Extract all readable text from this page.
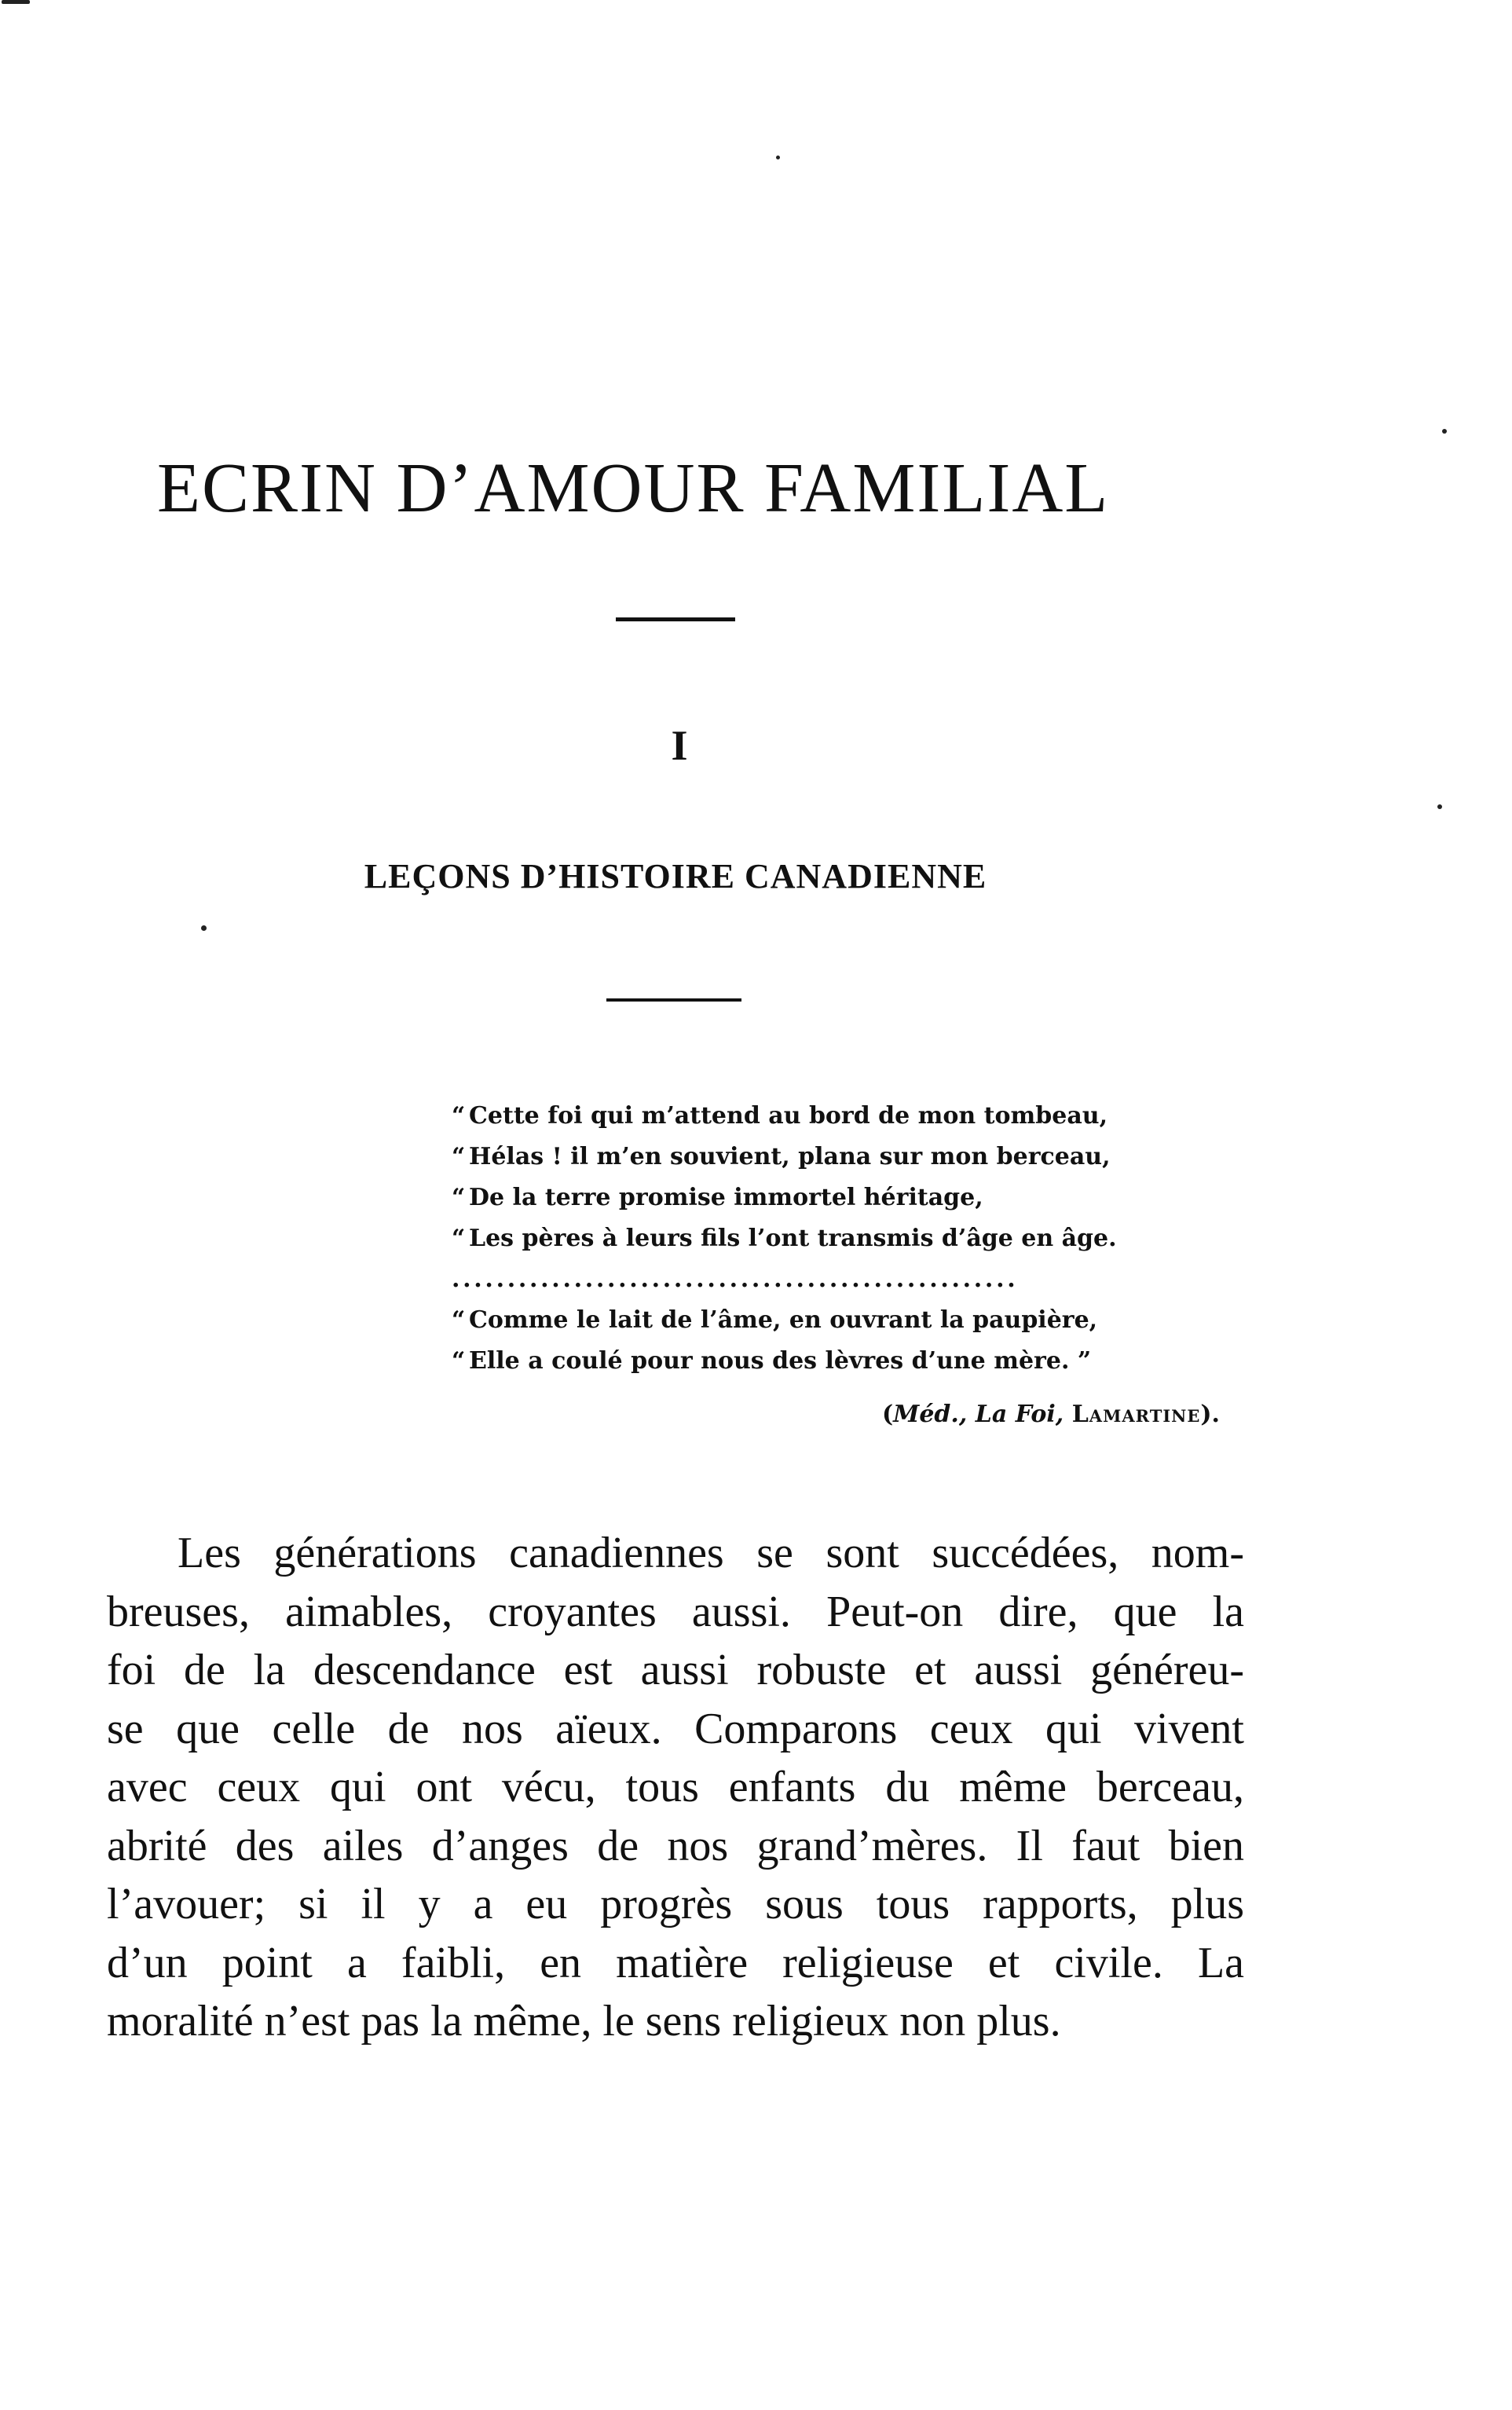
ECRIN D’AMOUR FAMILIAL
I
LEÇONS D’HISTOIRE CANADIENNE
“ Cette foi qui m’attend au bord de mon tombeau,
“ Hélas ! il m’en souvient, plana sur mon berceau,
“ De la terre promise immortel héritage,
“ Les pères à leurs fils l’ont transmis d’âge en âge.
...................................................
“ Comme le lait de l’âme, en ouvrant la paupière,
“ Elle a coulé pour nous des lèvres d’une mère. ”
(Méd., La Foi, Lamartine).
Les générations canadiennes se sont succédées, nom-
breuses, aimables, croyantes aussi. Peut-on dire, que la
foi de la descendance est aussi robuste et aussi généreu-
se que celle de nos aïeux. Comparons ceux qui vivent
avec ceux qui ont vécu, tous enfants du même berceau,
abrité des ailes d’anges de nos grand’mères. Il faut bien
l’avouer; si il y a eu progrès sous tous rapports, plus
d’un point a faibli, en matière religieuse et civile. La
moralité n’est pas la même, le sens religieux non plus.
